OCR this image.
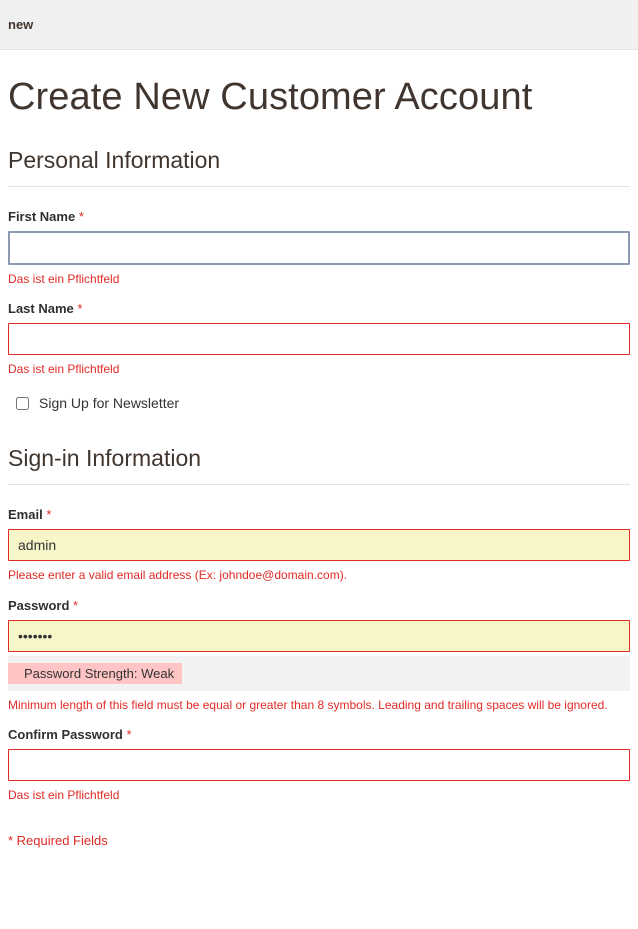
new
Create New Customer Account
Personal Information
First Name *
Das ist ein Pflichtfeld
Last Name *
Das ist ein Pflichtfeld
Sign Up for Newsletter
Sign-in Information
Email *
admin
Please enter a valid email address (Ex: johndoe@domain.com).
Password *
•••••••
Password Strength: Weak
Minimum length of this field must be equal or greater than 8 symbols. Leading and trailing spaces will be ignored.
Confirm Password *
Das ist ein Pflichtfeld
* Required Fields
